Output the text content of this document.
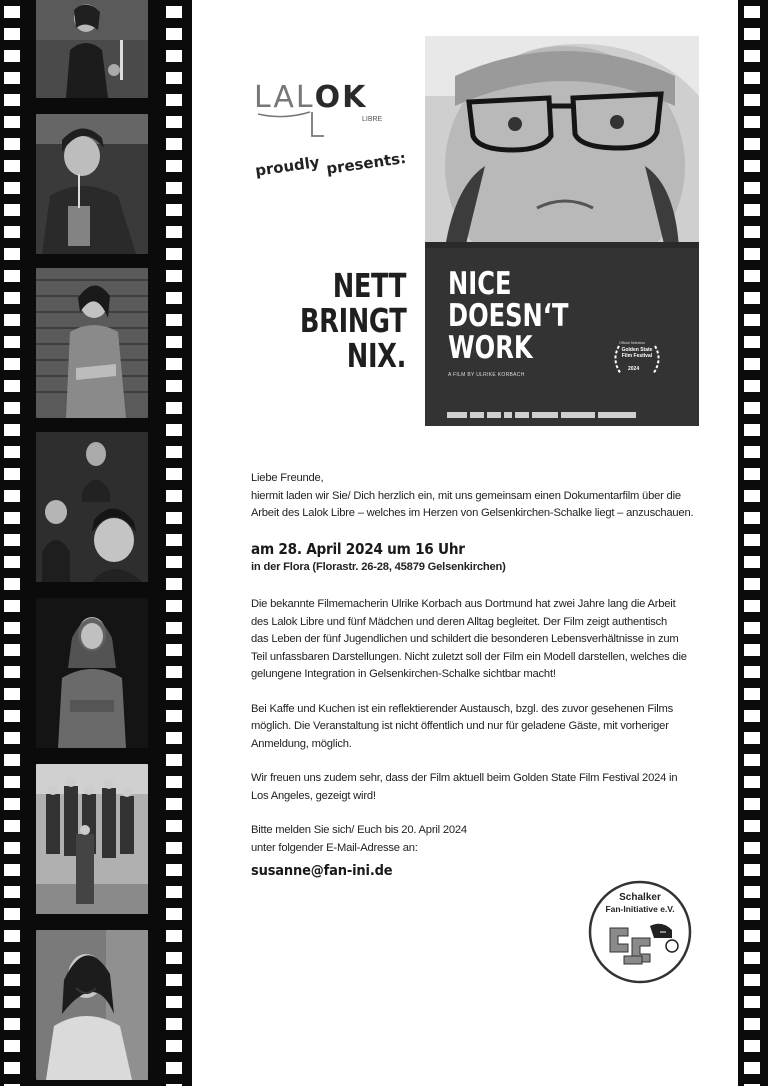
LALOK
LIBRE
proudly presents:
NETT
BRINGT
NIX.
NICE
DOESN‘T
WORK
A FILM BY ULRIKE KORBACH
Official Selection
Golden State Film Festival
2024

Liebe Freunde,

hiermit laden wir Sie/ Dich herzlich ein, mit uns gemeinsam einen Dokumentarfilm über die

Arbeit des Lalok Libre – welches im Herzen von Gelsenkirchen-Schalke liegt – anzuschauen.

am 28. April 2024 um 16 Uhr

in der Flora (Florastr. 26-28, 45879 Gelsenkirchen)

Die bekannte Filmemacherin Ulrike Korbach aus Dortmund hat zwei Jahre lang die Arbeit

des Lalok Libre und fünf Mädchen und deren Alltag begleitet. Der Film zeigt authentisch

das Leben der fünf Jugendlichen und schildert die besonderen Lebensverhältnisse in zum

Teil unfassbaren Darstellungen. Nicht zuletzt soll der Film ein Modell darstellen, welches die

gelungene Integration in Gelsenkirchen-Schalke sichtbar macht!

Bei Kaffe und Kuchen ist ein reflektierender Austausch, bzgl. des zuvor gesehenen Films

möglich. Die Veranstaltung ist nicht öffentlich und nur für geladene Gäste, mit vorheriger

Anmeldung, möglich.

Wir freuen uns zudem sehr, dass der Film aktuell beim Golden State Film Festival 2024 in

Los Angeles, gezeigt wird!

Bitte melden Sie sich/ Euch bis 20. April 2024

unter folgender E-Mail-Adresse an:

susanne@fan-ini.de
Schalker
Fan-Initiative e.V.
